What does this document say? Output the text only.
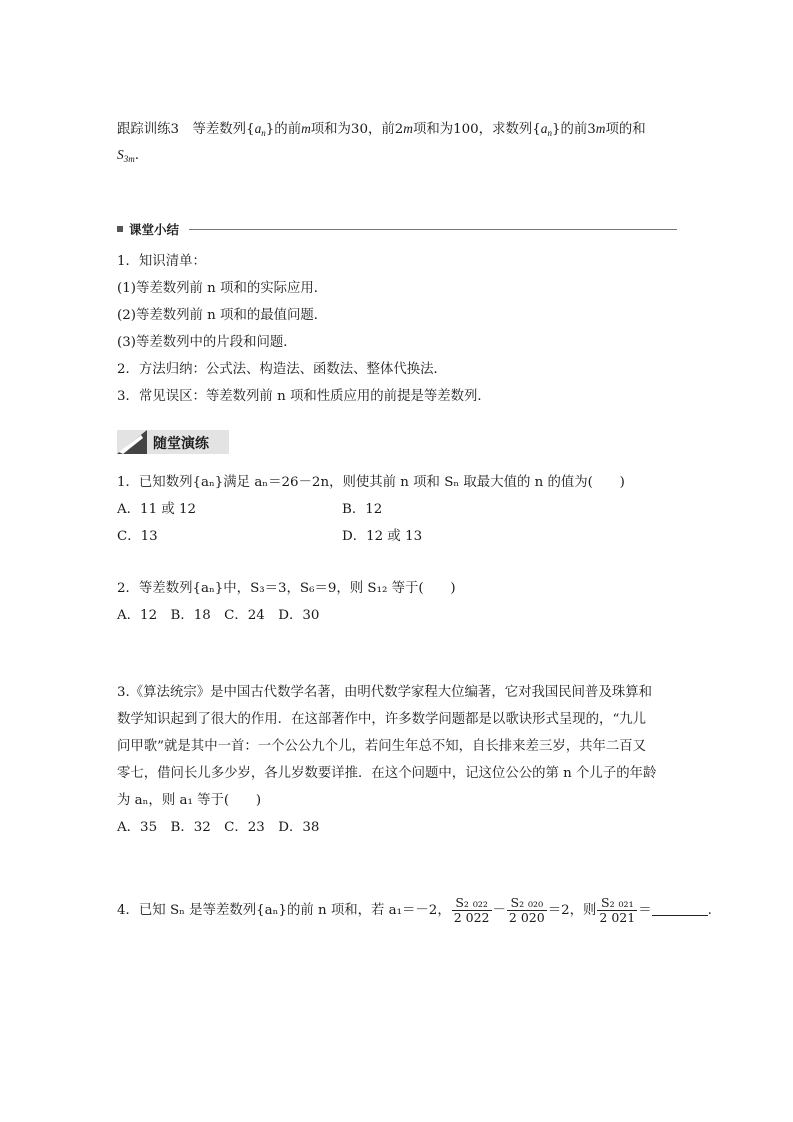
跟踪训练3　 等差数列$\{a_n\}$的前m项和为30，前2m项和为100，求数列$\{a_n\}$的前3m项的和
$S_{3m}$.
课堂小结
1．知识清单：
(1)等差数列前 n 项和的实际应用．
(2)等差数列前 n 项和的最值问题．
(3)等差数列中的片段和问题．
2．方法归纳：公式法、构造法、函数法、整体代换法．
3．常见误区：等差数列前 n 项和性质应用的前提是等差数列．
随堂演练
1．已知数列{aₙ}满足 aₙ＝26－2n，则使其前 n 项和 Sₙ 取最大值的 n 的值为(　　)
A．11 或 12	B．12
C．13	D．12 或 13
2．等差数列{aₙ}中，S₃＝3，S₆＝9，则 S₁₂ 等于(　　)
A．12　B．18　C．24　D．30
3.《算法统宗》是中国古代数学名著，由明代数学家程大位编著，它对我国民间普及珠算和
数学知识起到了很大的作用．在这部著作中，许多数学问题都是以歌诀形式呈现的，“九儿
问甲歌”就是其中一首：一个公公九个儿，若问生年总不知，自长排来差三岁，共年二百又
零七，借问长儿多少岁，各儿岁数要详推．在这个问题中，记这位公公的第 n 个儿子的年龄
为 aₙ，则 a₁ 等于(　　)
A．35　B．32　C．23　D．38
4．已知 Sₙ 是等差数列{aₙ}的前 n 项和，若 a₁＝－2， $\frac{\text{S₂ ₀₂₂}}{2 022} - \frac{\text{S₂ ₀₂₀}}{2 020} =2$，则 $\frac{\text{S₂ ₀₂₁}}{2 021}$ ＝	.
